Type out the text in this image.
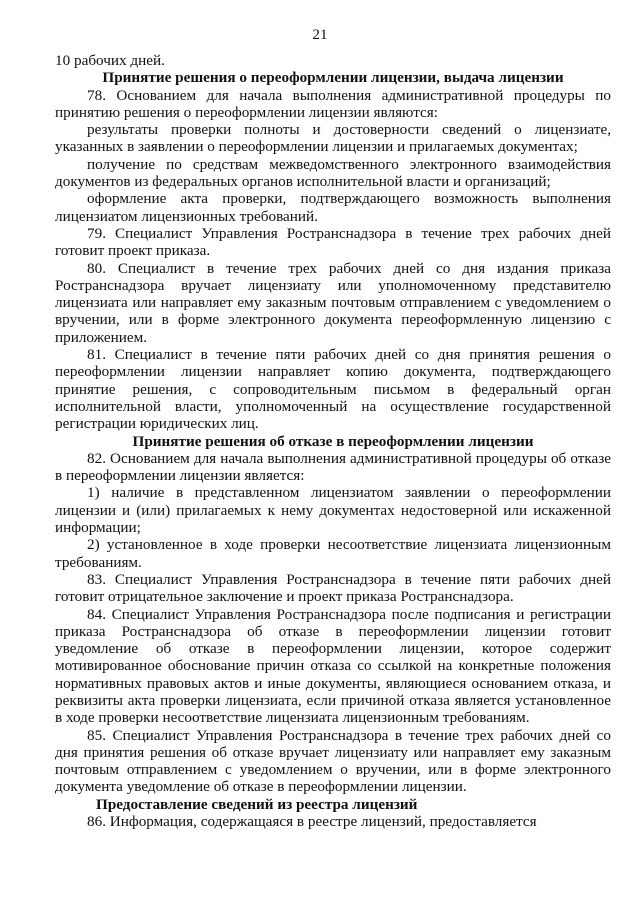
21

10 рабочих дней.

Принятие решения о переоформлении лицензии, выдача лицензии

78. Основанием для начала выполнения административной процедуры по принятию решения о переоформлении лицензии являются:

результаты проверки полноты и достоверности сведений о лицензиате, указанных в заявлении о переоформлении лицензии и прилагаемых документах;

получение по средствам межведомственного электронного взаимодействия документов из федеральных органов исполнительной власти и организаций;

оформление акта проверки, подтверждающего возможность выполнения лицензиатом лицензионных требований.

79. Специалист Управления Ространснадзора в течение трех рабочих дней готовит проект приказа.

80. Специалист в течение трех рабочих дней со дня издания приказа Ространснадзора вручает лицензиату или уполномоченному представителю лицензиата или направляет ему заказным почтовым отправлением с уведомлением о вручении, или в форме электронного документа переоформленную лицензию с приложением.

81. Специалист в течение пяти рабочих дней со дня принятия решения о переоформлении лицензии направляет копию документа, подтверждающего принятие решения, с сопроводительным письмом в федеральный орган исполнительной власти, уполномоченный на осуществление государственной регистрации юридических лиц.

Принятие решения об отказе в переоформлении лицензии

82. Основанием для начала выполнения административной процедуры об отказе в переоформлении лицензии является:

1) наличие в представленном лицензиатом заявлении о переоформлении лицензии и (или) прилагаемых к нему документах недостоверной или искаженной информации;

2) установленное в ходе проверки несоответствие лицензиата лицензионным требованиям.

83. Специалист Управления Ространснадзора в течение пяти рабочих дней готовит отрицательное заключение и проект приказа Ространснадзора.

84. Специалист Управления Ространснадзора после подписания и регистрации приказа Ространснадзора об отказе в переоформлении лицензии готовит уведомление об отказе в переоформлении лицензии, которое содержит мотивированное обоснование причин отказа со ссылкой на конкретные положения нормативных правовых актов и иные документы, являющиеся основанием отказа, и реквизиты акта проверки лицензиата, если причиной отказа является установленное в ходе проверки несоответствие лицензиата лицензионным требованиям.

85. Специалист Управления Ространснадзора в течение трех рабочих дней со дня принятия решения об отказе вручает лицензиату или направляет ему заказным почтовым отправлением с уведомлением о вручении, или в форме электронного документа уведомление об отказе в переоформлении лицензии.

Предоставление сведений из реестра лицензий

86. Информация, содержащаяся в реестре лицензий, предоставляется
